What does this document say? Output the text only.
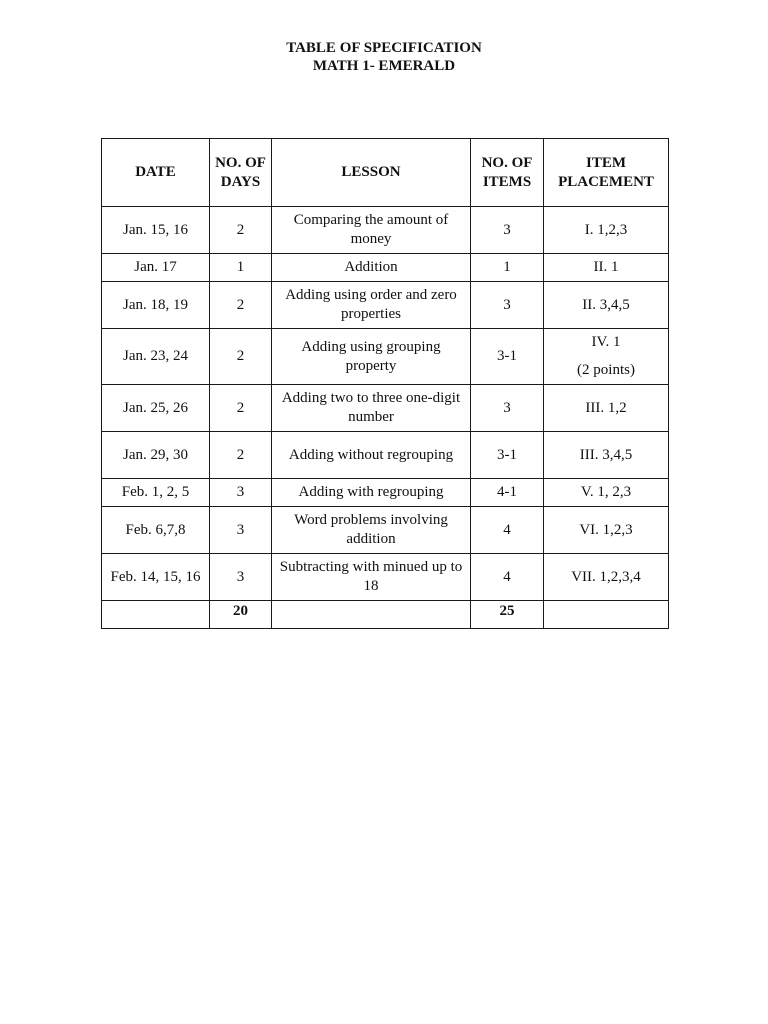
TABLE OF SPECIFICATION
MATH 1- EMERALD
DATE	NO. OF DAYS	LESSON	NO. OF ITEMS	ITEM PLACEMENT
Jan. 15, 16	2	Comparing the amount of money	3	I. 1,2,3
Jan. 17	1	Addition	1	II. 1
Jan. 18, 19	2	Adding using order and zero properties	3	II. 3,4,5
Jan. 23, 24	2	Adding using grouping property	3-1	IV. 1
(2 points)

Jan. 25, 26	2	Adding two to three one-digit number	3	III. 1,2
Jan. 29, 30	2	Adding without regrouping	3-1	III. 3,4,5
Feb. 1, 2, 5	3	Adding with regrouping	4-1	V. 1, 2,3
Feb. 6,7,8	3	Word problems involving addition	4	VI. 1,2,3
Feb. 14, 15, 16	3	Subtracting with minued up to 18	4	VII. 1,2,3,4
	20		25	
